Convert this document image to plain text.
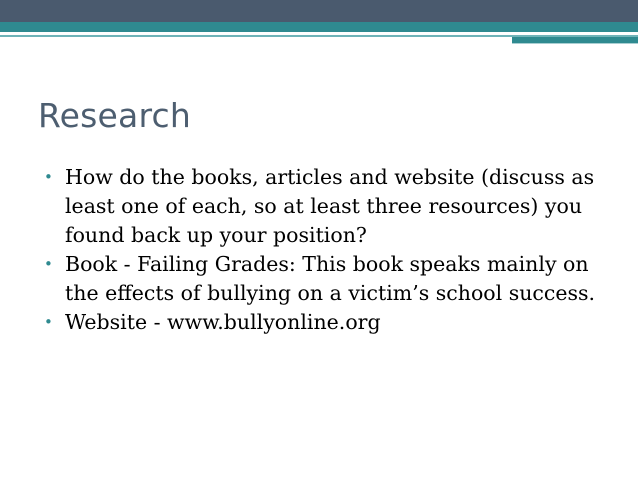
Research
• How do the books, articles and website (discuss as least one of each, so at least three resources) you found back up your position?
• Book - Failing Grades: This book speaks mainly on the effects of bullying on a victim’s school success.
• Website - www.bullyonline.org
